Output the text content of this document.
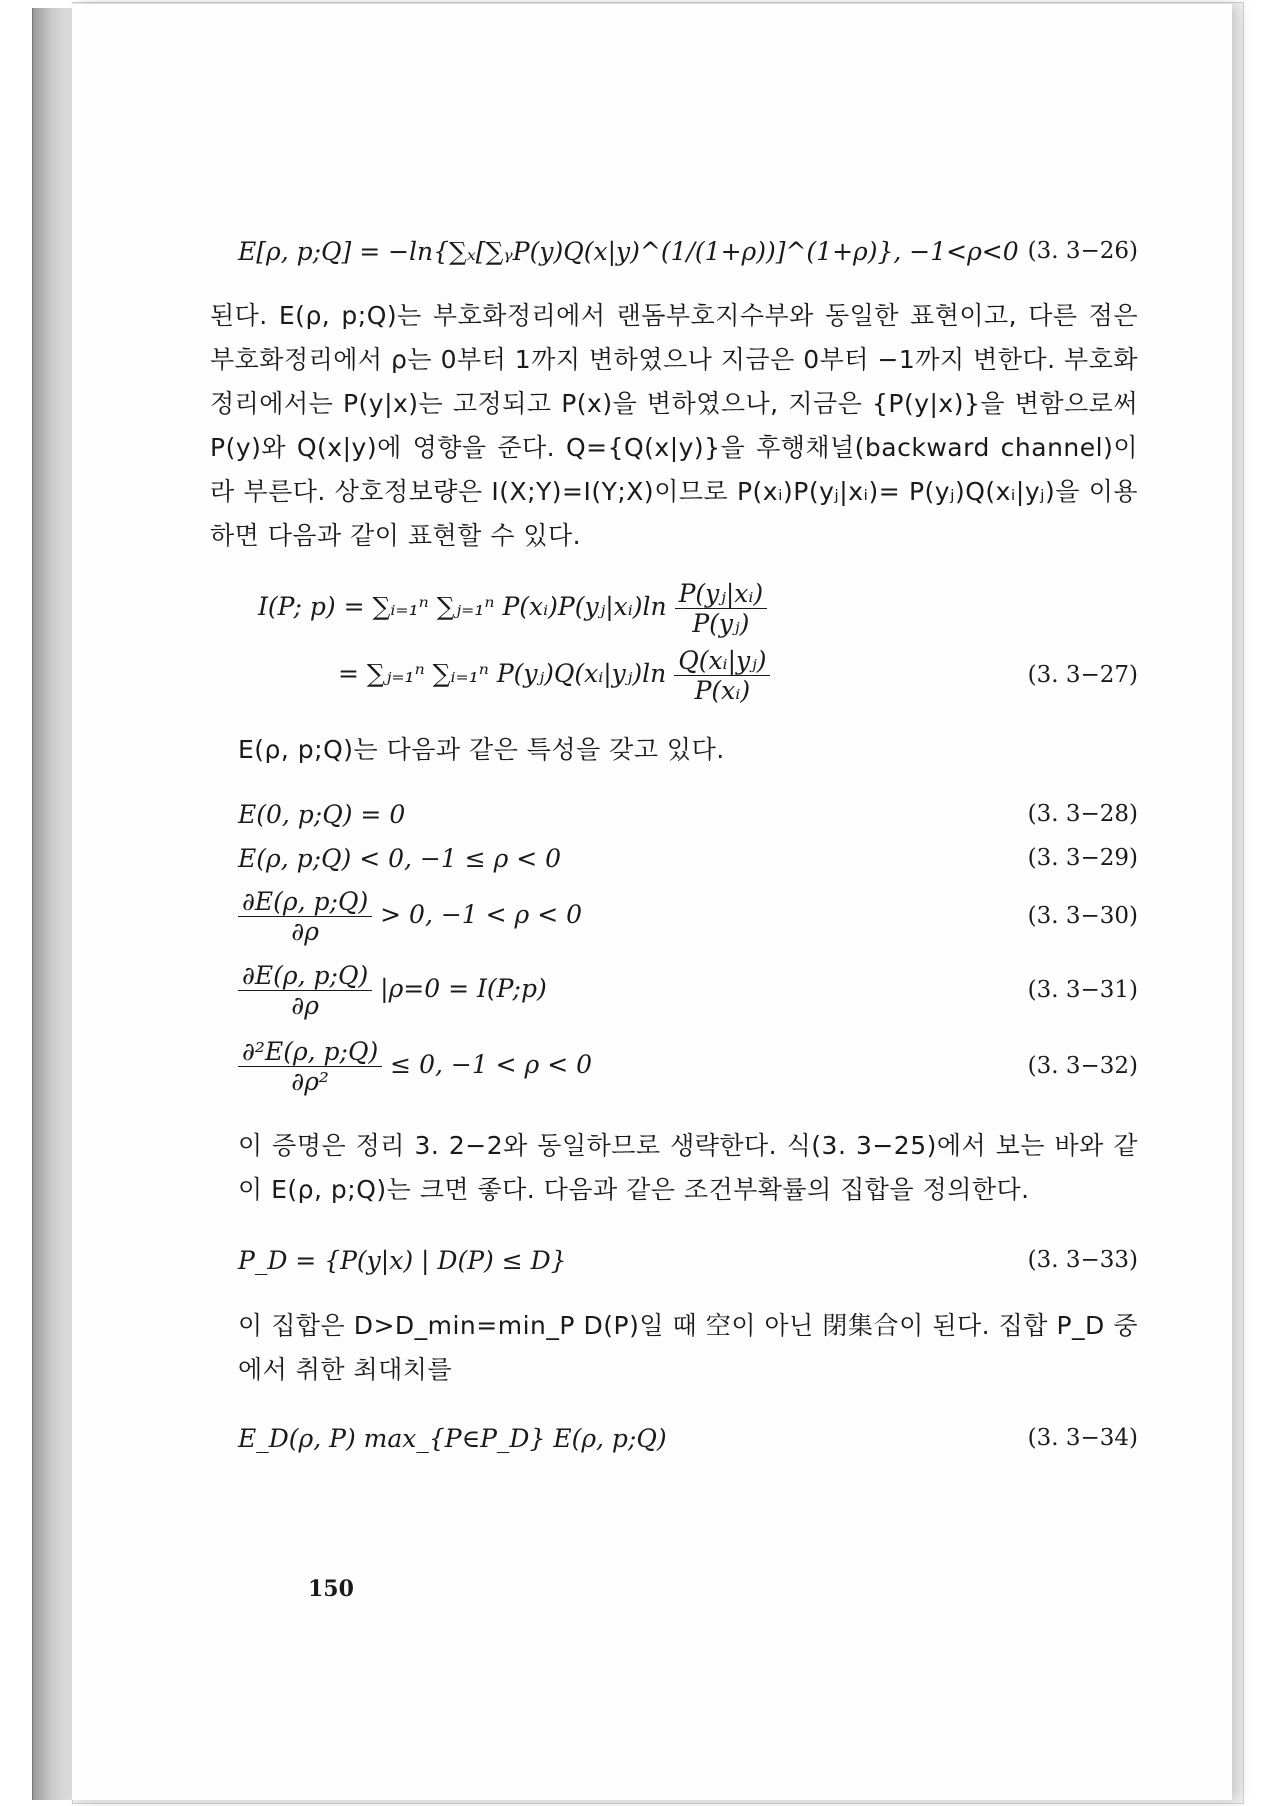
E[ρ, p;Q] = −ln{∑ₓ[∑ᵧP(y)Q(x|y)^(1/(1+ρ))]^(1+ρ)}, −1<ρ<0 (3. 3−26)

된다. E(ρ, p;Q)는 부호화정리에서 랜돔부호지수부와 동일한 표현이고, 다른 점은 부호화정리에서 ρ는 0부터 1까지 변하였으나 지금은 0부터 −1까지 변한다. 부호화정리에서는 P(y|x)는 고정되고 P(x)을 변하였으나, 지금은 {P(y|x)}을 변함으로써 P(y)와 Q(x|y)에 영향을 준다. Q={Q(x|y)}을 후행채널(backward channel)이라 부른다. 상호정보량은 I(X;Y)=I(Y;X)이므로 P(xᵢ)P(yⱼ|xᵢ)= P(yⱼ)Q(xᵢ|yⱼ)을 이용하면 다음과 같이 표현할 수 있다.

I(P; p) = ∑ᵢ₌₁ⁿ ∑ⱼ₌₁ⁿ P(xᵢ)P(yⱼ|xᵢ)ln $\frac{\text{P(yⱼ|xᵢ)}}{\text{P(yⱼ)}}$
= ∑ⱼ₌₁ⁿ ∑ᵢ₌₁ⁿ P(yⱼ)Q(xᵢ|yⱼ)ln $\frac{\text{Q(xᵢ|yⱼ)}}{\text{P(xᵢ)}}$	(3. 3−27)

E(ρ, p;Q)는 다음과 같은 특성을 갖고 있다.

E(0, p;Q) = 0	(3. 3−28)
E(ρ, p;Q) < 0, −1 ≤ ρ < 0	(3. 3−29)
$\frac{\partial E(\rho, p;Q)}{\partial\rho} > 0$, −1 < ρ < 0	(3. 3−30)
$\frac{\partial E(\rho, p;Q)}{\partial\rho} |\rho=0$ = I(P;p)	(3. 3−31)
$\frac{\text{∂²E(ρ, p;Q)}}{\text{∂ρ²}} \le 0$, −1 < ρ < 0	(3. 3−32)

이 증명은 정리 3. 2−2와 동일하므로 생략한다. 식(3. 3−25)에서 보는 바와 같이 E(ρ, p;Q)는 크면 좋다. 다음과 같은 조건부확률의 집합을 정의한다.

P_D = {P(y|x) | D(P) ≤ D}	(3. 3−33)

이 집합은 D>D_min=min_P D(P)일 때 空이 아닌 閉集合이 된다. 집합 P_D 중에서 취한 최대치를

E_D(ρ, P) max_{P∈P_D} E(ρ, p;Q)	(3. 3−34)
150
